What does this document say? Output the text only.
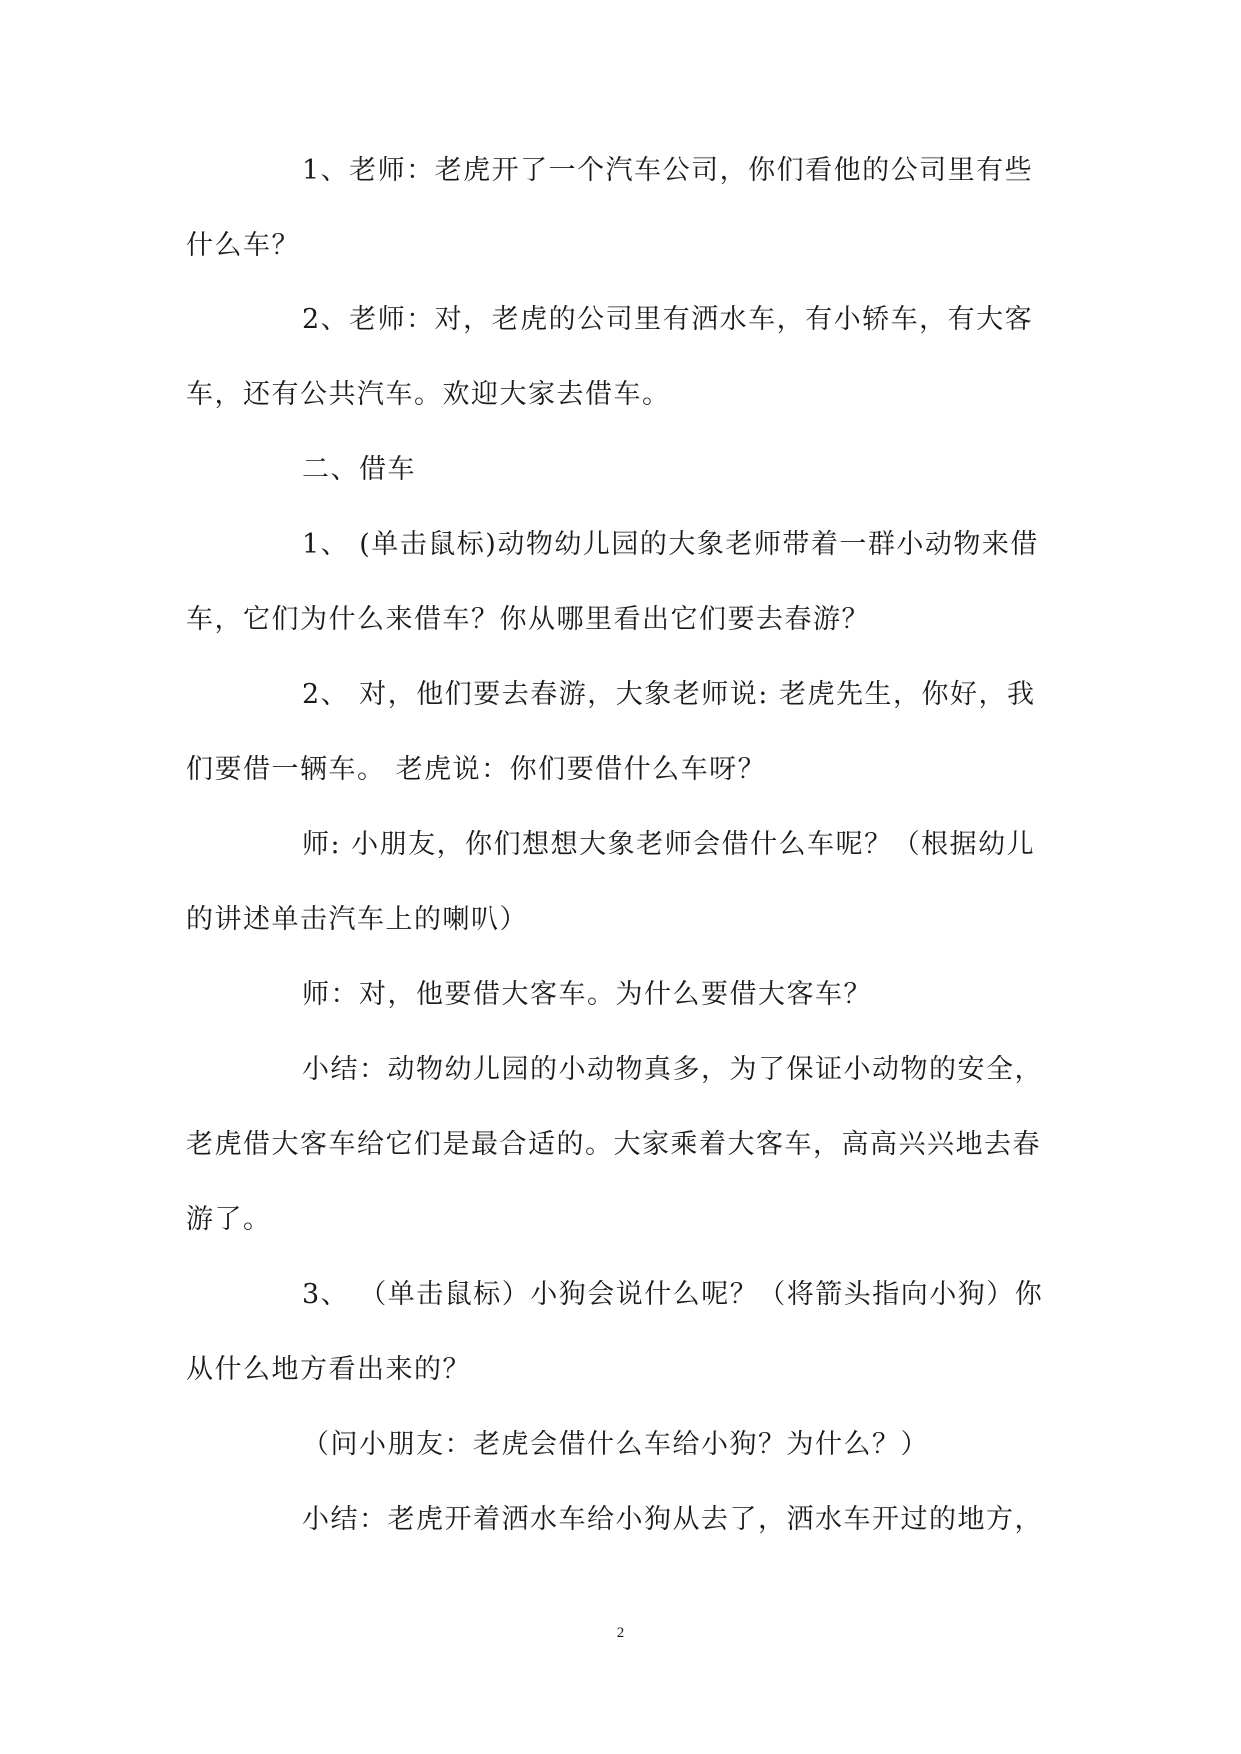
1、老师：老虎开了一个汽车公司，你们看他的公司里有些
什么车？
2、老师：对，老虎的公司里有洒水车，有小轿车，有大客
车，还有公共汽车。欢迎大家去借车。
二、借车
1、 (单击鼠标)动物幼儿园的大象老师带着一群小动物来借
车，它们为什么来借车？你从哪里看出它们要去春游？
2、 对，他们要去春游，大象老师说: 老虎先生，你好，我
们要借一辆车。 老虎说：你们要借什么车呀？
师: 小朋友，你们想想大象老师会借什么车呢？（根据幼儿
的讲述单击汽车上的喇叭）
师：对，他要借大客车。为什么要借大客车？
小结：动物幼儿园的小动物真多，为了保证小动物的安全，
老虎借大客车给它们是最合适的。大家乘着大客车，高高兴兴地去春
游了。
3、 （单击鼠标）小狗会说什么呢？（将箭头指向小狗）你
从什么地方看出来的？
（问小朋友：老虎会借什么车给小狗？为什么？）
小结：老虎开着洒水车给小狗从去了，洒水车开过的地方，
2
